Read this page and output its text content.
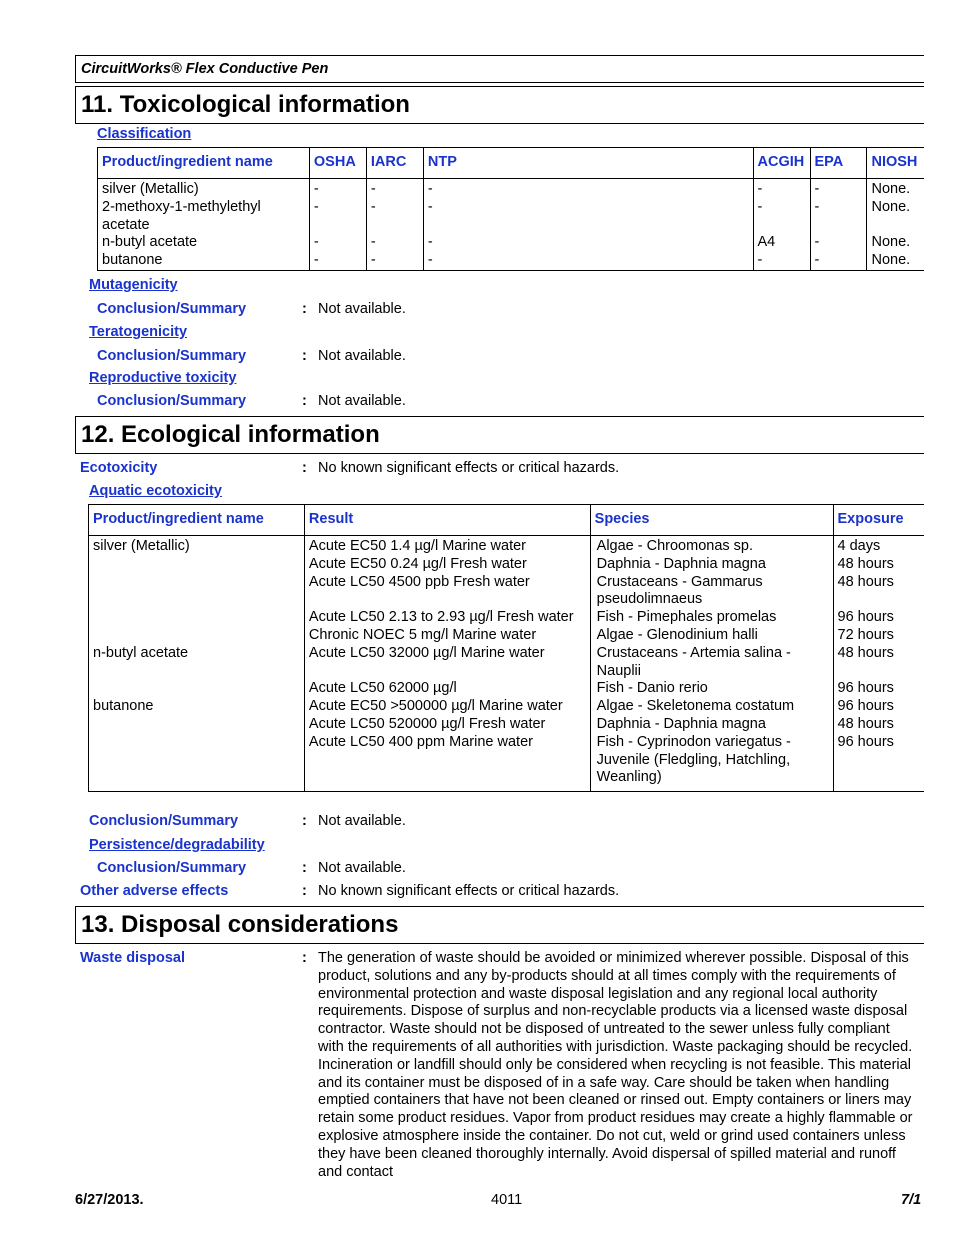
CircuitWorks® Flex Conductive Pen
11. Toxicological information
Classification
Product/ingredient name	OSHA	IARC	NTP	ACGIH	EPA	NIOSH
silver (Metallic)	-	-	-	-	-	None.
2-methoxy-1-methylethyl acetate	-	-	-	-	-	None.
n-butyl acetate	-	-	-	A4	-	None.
butanone	-	-	-	-	-	None.
Mutagenicity
Conclusion/Summary	: Not available.
Teratogenicity
Conclusion/Summary	: Not available.
Reproductive toxicity
Conclusion/Summary	: Not available.
12. Ecological information
Ecotoxicity	: No known significant effects or critical hazards.
Aquatic ecotoxicity
Product/ingredient name	Result	Species	Exposure
silver (Metallic)	Acute EC50 1.4 µg/l Marine water	Algae - Chroomonas sp.	4 days
	Acute EC50 0.24 µg/l Fresh water	Daphnia - Daphnia magna	48 hours
	Acute LC50 4500 ppb Fresh water	Crustaceans - Gammarus pseudolimnaeus	48 hours
	Acute LC50 2.13 to 2.93 µg/l Fresh water	Fish - Pimephales promelas	96 hours
	Chronic NOEC 5 mg/l Marine water	Algae - Glenodinium halli	72 hours
n-butyl acetate	Acute LC50 32000 µg/l Marine water	Crustaceans - Artemia salina - Nauplii	48 hours
	Acute LC50 62000 µg/l	Fish - Danio rerio	96 hours
butanone	Acute EC50 >500000 µg/l Marine water	Algae - Skeletonema costatum	96 hours
	Acute LC50 520000 µg/l Fresh water	Daphnia - Daphnia magna	48 hours
	Acute LC50 400 ppm Marine water	Fish - Cyprinodon variegatus - Juvenile (Fledgling, Hatchling, Weanling)	96 hours
Conclusion/Summary	: Not available.
Persistence/degradability
Conclusion/Summary	: Not available.
Other adverse effects	: No known significant effects or critical hazards.
13. Disposal considerations
Waste disposal	: The generation of waste should be avoided or minimized wherever possible. Disposal of this product, solutions and any by-products should at all times comply with the requirements of environmental protection and waste disposal legislation and any regional local authority requirements. Dispose of surplus and non-recyclable products via a licensed waste disposal contractor. Waste should not be disposed of untreated to the sewer unless fully compliant with the requirements of all authorities with jurisdiction. Waste packaging should be recycled. Incineration or landfill should only be considered when recycling is not feasible. This material and its container must be disposed of in a safe way. Care should be taken when handling emptied containers that have not been cleaned or rinsed out. Empty containers or liners may retain some product residues. Vapor from product residues may create a highly flammable or explosive atmosphere inside the container. Do not cut, weld or grind used containers unless they have been cleaned thoroughly internally. Avoid dispersal of spilled material and runoff and contact
6/27/2013.	4011	7/1
